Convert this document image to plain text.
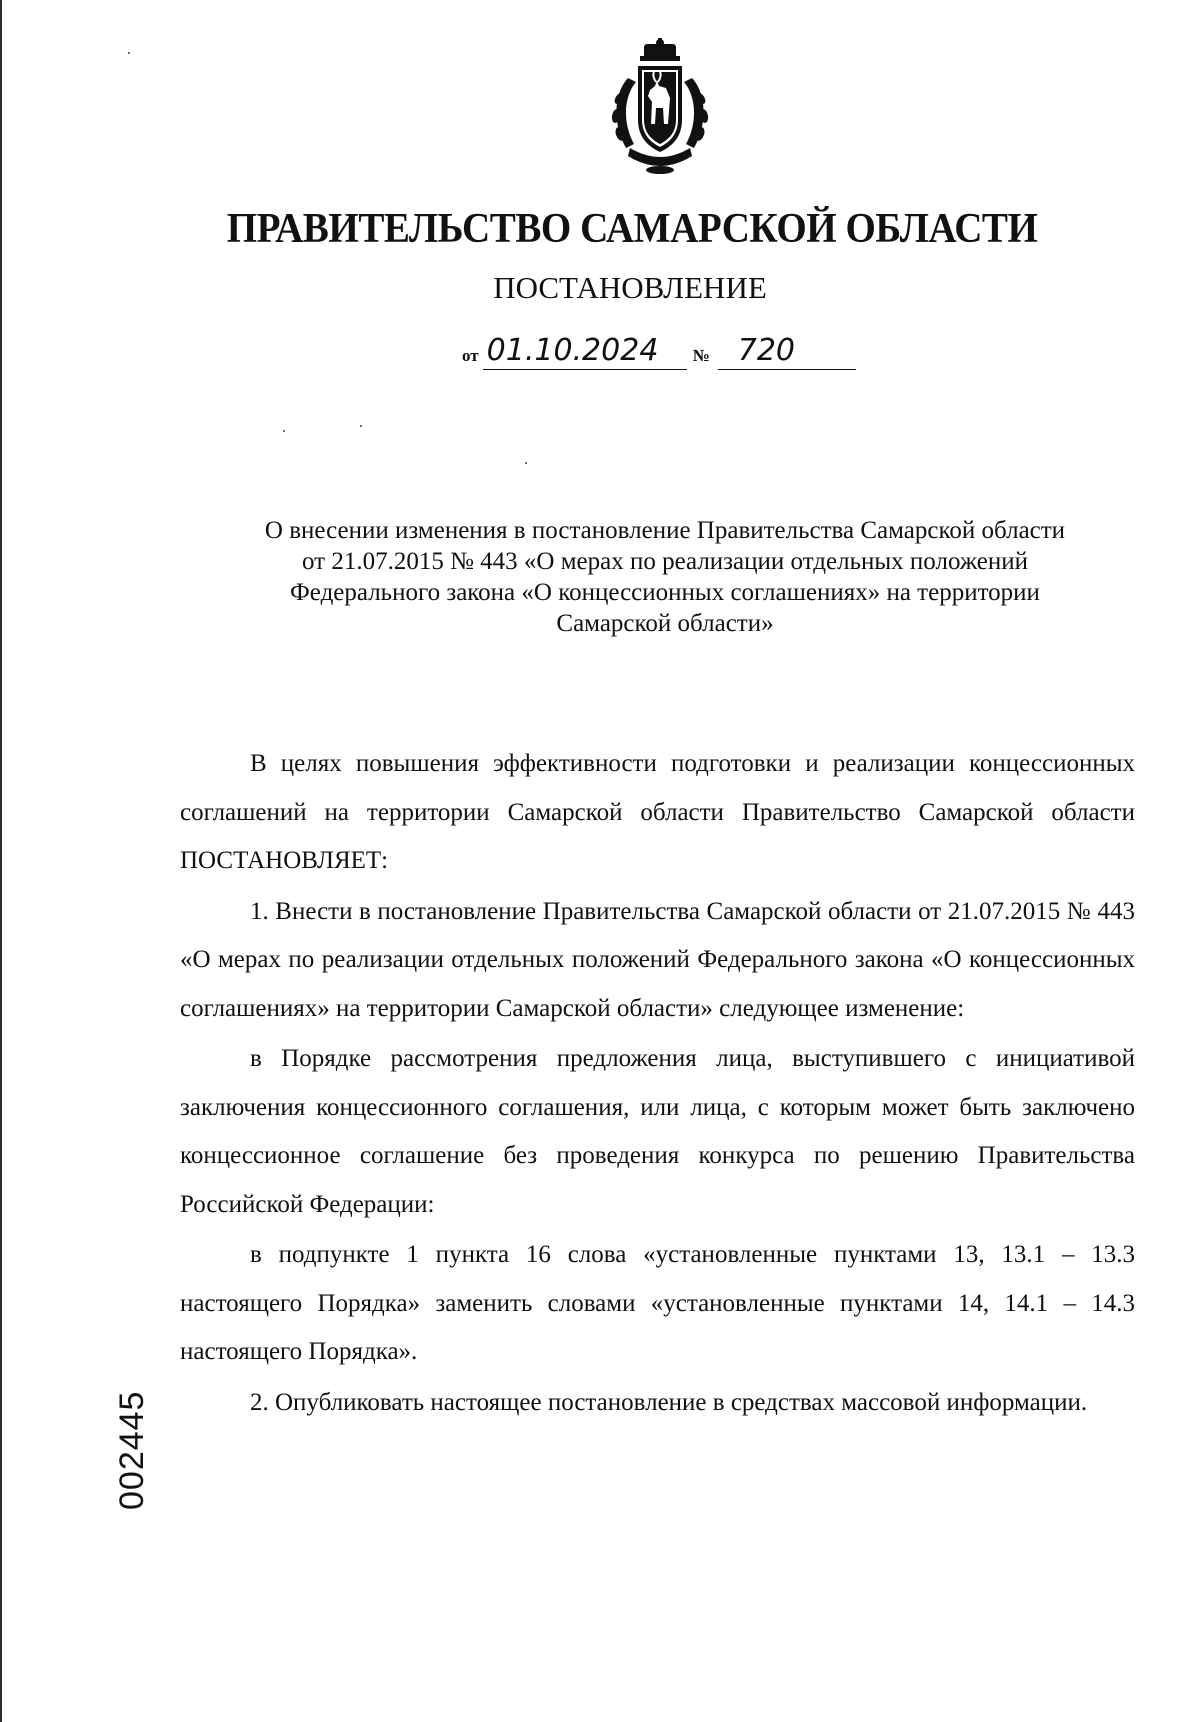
ПРАВИТЕЛЬСТВО САМАРСКОЙ ОБЛАСТИ
ПОСТАНОВЛЕНИЕ
от 01.10.2024	№ 720
О внесении изменения в постановление Правительства Самарской области
от 21.07.2015 № 443 «О мерах по реализации отдельных положений
Федерального закона «О концессионных соглашениях» на территории
Самарской области»

В целях повышения эффективности подготовки и реализации концессионных соглашений на территории Самарской области Правительство Самарской области ПОСТАНОВЛЯЕТ:

1. Внести в постановление Правительства Самарской области от 21.07.2015 № 443 «О мерах по реализации отдельных положений Федерального закона «О концессионных соглашениях» на территории Самарской области» следующее изменение:

в Порядке рассмотрения предложения лица, выступившего с инициативой заключения концессионного соглашения, или лица, с которым может быть заключено концессионное соглашение без проведения конкурса по решению Правительства Российской Федерации:

в подпункте 1 пункта 16 слова «установленные пунктами 13, 13.1 – 13.3 настоящего Порядка» заменить словами «установленные пунктами 14, 14.1 – 14.3 настоящего Порядка».

2. Опубликовать настоящее постановление в средствах массовой информации.

002445
